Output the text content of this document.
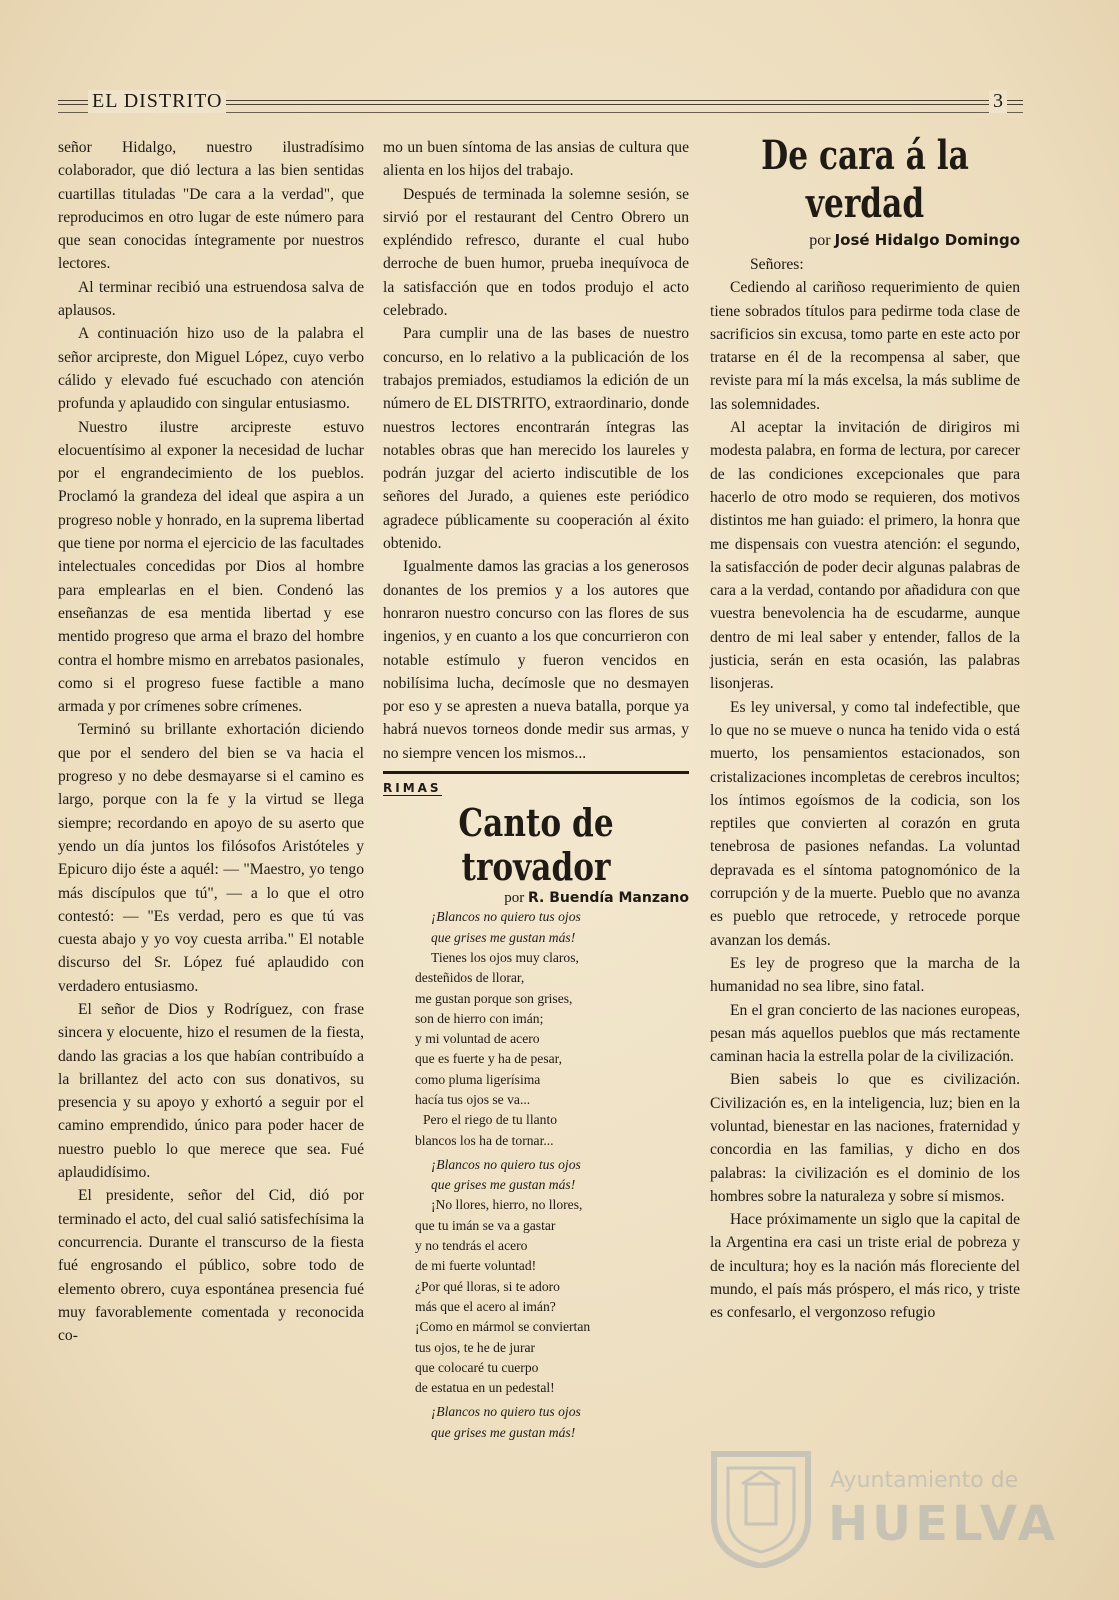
EL DISTRITO	3

señor Hidalgo, nuestro ilustradísimo colaborador, que dió lectura a las bien sentidas cuartillas tituladas "De cara a la verdad", que reproducimos en otro lugar de este número para que sean conocidas íntegramente por nuestros lectores.

Al terminar recibió una estruendosa salva de aplausos.

A continuación hizo uso de la palabra el señor arcipreste, don Miguel López, cuyo verbo cálido y elevado fué escuchado con atención profunda y aplaudido con singular entusiasmo.

Nuestro ilustre arcipreste estuvo elocuentísimo al exponer la necesidad de luchar por el engrandecimiento de los pueblos. Proclamó la grandeza del ideal que aspira a un progreso noble y honrado, en la suprema libertad que tiene por norma el ejercicio de las facultades intelectuales concedidas por Dios al hombre para emplearlas en el bien. Condenó las enseñanzas de esa mentida libertad y ese mentido progreso que arma el brazo del hombre contra el hombre mismo en arrebatos pasionales, como si el progreso fuese factible a mano armada y por crímenes sobre crímenes.

Terminó su brillante exhortación diciendo que por el sendero del bien se va hacia el progreso y no debe desmayarse si el camino es largo, porque con la fe y la virtud se llega siempre; recordando en apoyo de su aserto que yendo un día juntos los filósofos Aristóteles y Epicuro dijo éste a aquél: — "Maestro, yo tengo más discípulos que tú", — a lo que el otro contestó: — "Es verdad, pero es que tú vas cuesta abajo y yo voy cuesta arriba." El notable discurso del Sr. López fué aplaudido con verdadero entusiasmo.

El señor de Dios y Rodríguez, con frase sincera y elocuente, hizo el resumen de la fiesta, dando las gracias a los que habían contribuído a la brillantez del acto con sus donativos, su presencia y su apoyo y exhortó a seguir por el camino emprendido, único para poder hacer de nuestro pueblo lo que merece que sea. Fué aplaudidísimo.

El presidente, señor del Cid, dió por terminado el acto, del cual salió satisfechísima la concurrencia. Durante el transcurso de la fiesta fué engrosando el público, sobre todo de elemento obrero, cuya espontánea presencia fué muy favorablemente comentada y reconocida co-

mo un buen síntoma de las ansias de cultura que alienta en los hijos del trabajo.

Después de terminada la solemne sesión, se sirvió por el restaurant del Centro Obrero un expléndido refresco, durante el cual hubo derroche de buen humor, prueba inequívoca de la satisfacción que en todos produjo el acto celebrado.

Para cumplir una de las bases de nuestro concurso, en lo relativo a la publicación de los trabajos premiados, estudiamos la edición de un número de EL DISTRITO, extraordinario, donde nuestros lectores encontrarán íntegras las notables obras que han merecido los laureles y podrán juzgar del acierto indiscutible de los señores del Jurado, a quienes este periódico agradece públicamente su cooperación al éxito obtenido.

Igualmente damos las gracias a los generosos donantes de los premios y a los autores que honraron nuestro concurso con las flores de sus ingenios, y en cuanto a los que concurrieron con notable estímulo y fueron vencidos en nobilísima lucha, decímosle que no desmayen por eso y se apresten a nueva batalla, porque ya habrá nuevos torneos donde medir sus armas, y no siempre vencen los mismos...

RIMAS
Canto de trovador
por R. Buendía Manzano
¡Blancos no quiero tus ojos
que grises me gustan más!
Tienes los ojos muy claros,
desteñidos de llorar,
me gustan porque son grises,
son de hierro con imán;
y mi voluntad de acero
que es fuerte y ha de pesar,
como pluma ligerísima
hacía tus ojos se va...
Pero el riego de tu llanto
blancos los ha de tornar...
¡Blancos no quiero tus ojos
que grises me gustan más!
¡No llores, hierro, no llores,
que tu imán se va a gastar
y no tendrás el acero
de mi fuerte voluntad!
¿Por qué lloras, si te adoro
más que el acero al imán?
¡Como en mármol se conviertan
tus ojos, te he de jurar
que colocaré tu cuerpo
de estatua en un pedestal!
¡Blancos no quiero tus ojos
que grises me gustan más!
De cara á la verdad
por José Hidalgo Domingo

Señores:

Cediendo al cariñoso requerimiento de quien tiene sobrados títulos para pedirme toda clase de sacrificios sin excusa, tomo parte en este acto por tratarse en él de la recompensa al saber, que reviste para mí la más excelsa, la más sublime de las solemnidades.

Al aceptar la invitación de dirigiros mi modesta palabra, en forma de lectura, por carecer de las condiciones excepcionales que para hacerlo de otro modo se requieren, dos motivos distintos me han guiado: el primero, la honra que me dispensais con vuestra atención: el segundo, la satisfacción de poder decir algunas palabras de cara a la verdad, contando por añadidura con que vuestra benevolencia ha de escudarme, aunque dentro de mi leal saber y entender, fallos de la justicia, serán en esta ocasión, las palabras lisonjeras.

Es ley universal, y como tal indefectible, que lo que no se mueve o nunca ha tenido vida o está muerto, los pensamientos estacionados, son cristalizaciones incompletas de cerebros incultos; los íntimos egoísmos de la codicia, son los reptiles que convierten al corazón en gruta tenebrosa de pasiones nefandas. La voluntad depravada es el síntoma patognomónico de la corrupción y de la muerte. Pueblo que no avanza es pueblo que retrocede, y retrocede porque avanzan los demás.

Es ley de progreso que la marcha de la humanidad no sea libre, sino fatal.

En el gran concierto de las naciones europeas, pesan más aquellos pueblos que más rectamente caminan hacia la estrella polar de la civilización.

Bien sabeis lo que es civilización. Civilización es, en la inteligencia, luz; bien en la voluntad, bienestar en las naciones, fraternidad y concordia en las familias, y dicho en dos palabras: la civilización es el dominio de los hombres sobre la naturaleza y sobre sí mismos.

Hace próximamente un siglo que la capital de la Argentina era casi un triste erial de pobreza y de incultura; hoy es la nación más floreciente del mundo, el país más próspero, el más rico, y triste es confesarlo, el vergonzoso refugio

Ayuntamiento de
HUELVA
